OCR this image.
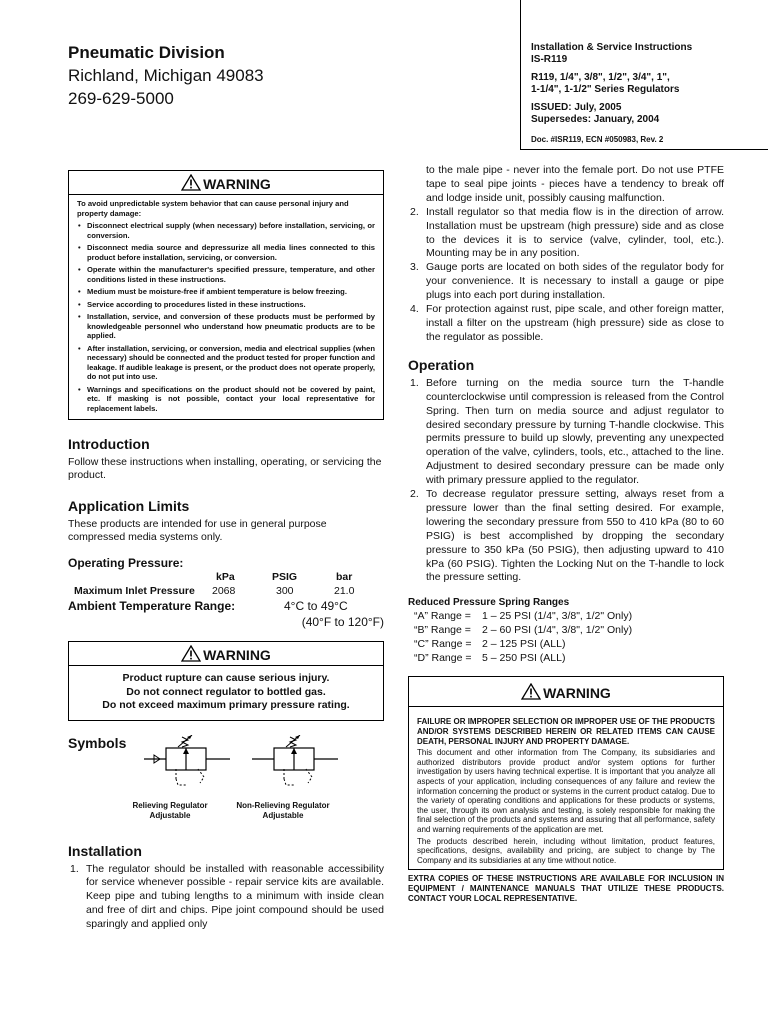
Pneumatic Division
Richland, Michigan 49083
269-629-5000
Installation & Service Instructions
IS-R119
R119, 1/4", 3/8", 1/2", 3/4", 1",
1-1/4", 1-1/2" Series Regulators
ISSUED: July, 2005
Supersedes: January, 2004
Doc. #ISR119, ECN #050983, Rev. 2
WARNING
To avoid unpredictable system behavior that can cause personal injury and property damage:
• Disconnect electrical supply (when necessary) before installation, servicing, or conversion.
• Disconnect media source and depressurize all media lines connected to this product before installation, servicing, or conversion.
• Operate within the manufacturer's specified pressure, temperature, and other conditions listed in these instructions.
• Medium must be moisture-free if ambient temperature is below freezing.
• Service according to procedures listed in these instructions.
• Installation, service, and conversion of these products must be performed by knowledgeable personnel who understand how pneumatic products are to be applied.
• After installation, servicing, or conversion, media and electrical supplies (when necessary) should be connected and the product tested for proper function and leakage. If audible leakage is present, or the product does not operate properly, do not put into use.
• Warnings and specifications on the product should not be covered by paint, etc. If masking is not possible, contact your local representative for replacement labels.
Introduction

Follow these instructions when installing, operating, or servicing the product.

Application Limits

These products are intended for use in general purpose compressed media systems only.

Operating Pressure:
kPa	PSIG	bar
Maximum Inlet Pressure 2068	300	21.0
Ambient Temperature Range:	4°C to 49°C
(40°F to 120°F)
WARNING
Product rupture can cause serious injury.
Do not connect regulator to bottled gas.
Do not exceed maximum primary pressure rating.
Symbols
Relieving Regulator
Adjustable
Non-Relieving Regulator
Adjustable
Installation
1. The regulator should be installed with reasonable accessibility for service whenever possible - repair service kits are available. Keep pipe and tubing lengths to a minimum with inside clean and free of dirt and chips. Pipe joint compound should be used sparingly and applied only
to the male pipe - never into the female port. Do not use PTFE tape to seal pipe joints - pieces have a tendency to break off and lodge inside unit, possibly causing malfunction.
2. Install regulator so that media flow is in the direction of arrow. Installation must be upstream (high pressure) side and as close to the devices it is to service (valve, cylinder, tool, etc.). Mounting may be in any position.
3. Gauge ports are located on both sides of the regulator body for your convenience. It is necessary to install a gauge or pipe plugs into each port during installation.
4. For protection against rust, pipe scale, and other foreign matter, install a filter on the upstream (high pressure) side as close to the regulator as possible.
Operation
1. Before turning on the media source turn the T-handle counterclockwise until compression is released from the Control Spring. Then turn on media source and adjust regulator to desired secondary pressure by turning T-handle clockwise. This permits pressure to build up slowly, preventing any unexpected operation of the valve, cylinders, tools, etc., attached to the line. Adjustment to desired secondary pressure can be made only with primary pressure applied to the regulator.
2. To decrease regulator pressure setting, always reset from a pressure lower than the final setting desired. For example, lowering the secondary pressure from 550 to 410 kPa (80 to 60 PSIG) is best accomplished by dropping the secondary pressure to 350 kPa (50 PSIG), then adjusting upward to 410 kPa (60 PSIG). Tighten the Locking Nut on the T-handle to lock the pressure setting.
Reduced Pressure Spring Ranges
“A” Range = 1 – 25 PSI (1/4", 3/8", 1/2" Only)
“B” Range = 2 – 60 PSI (1/4", 3/8", 1/2" Only)
“C” Range = 2 – 125 PSI (ALL)
“D” Range = 5 – 250 PSI (ALL)
WARNING
FAILURE OR IMPROPER SELECTION OR IMPROPER USE OF THE PRODUCTS AND/OR SYSTEMS DESCRIBED HEREIN OR RELATED ITEMS CAN CAUSE DEATH, PERSONAL INJURY AND PROPERTY DAMAGE.

This document and other information from The Company, its subsidiaries and authorized distributors provide product and/or system options for further investigation by users having technical expertise. It is important that you analyze all aspects of your application, including consequences of any failure and review the information concerning the product or systems in the current product catalog. Due to the variety of operating conditions and applications for these products or systems, the user, through its own analysis and testing, is solely responsible for making the final selection of the products and systems and assuring that all performance, safety and warning requirements of the application are met.

The products described herein, including without limitation, product features, specifications, designs, availability and pricing, are subject to change by The Company and its subsidiaries at any time without notice.

EXTRA COPIES OF THESE INSTRUCTIONS ARE AVAILABLE FOR INCLUSION IN EQUIPMENT / MAINTENANCE MANUALS THAT UTILIZE THESE PRODUCTS. CONTACT YOUR LOCAL REPRESENTATIVE.
